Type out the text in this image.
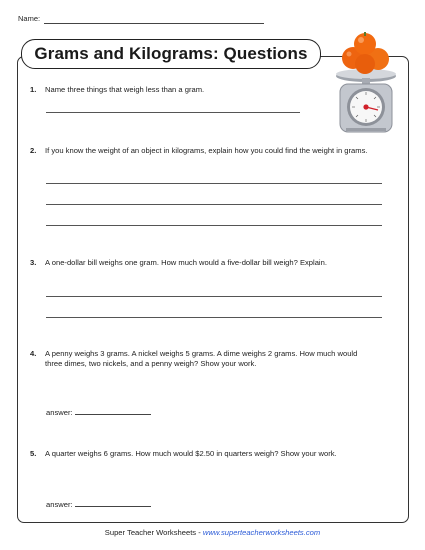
Name:
Grams and Kilograms: Questions
1. Name three things that weigh less than a gram.
2. If you know the weight of an object in kilograms, explain how you could find the weight in grams.
3. A one-dollar bill weighs one gram. How much would a five-dollar bill weigh? Explain.
4. A penny weighs 3 grams. A nickel weighs 5 grams. A dime weighs 2 grams. How much would three dimes, two nickels, and a penny weigh? Show your work.
answer:
5. A quarter weighs 6 grams. How much would $2.50 in quarters weigh? Show your work.
answer:
Super Teacher Worksheets - www.superteacherworksheets.com
